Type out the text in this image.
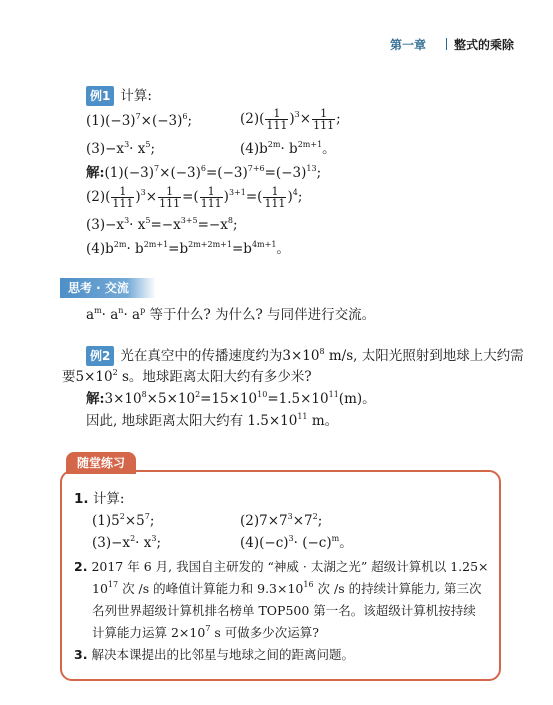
第一章 整式的乘除
例1 计算:
$(1)(-3)^7\times(-3)^6$;	$(2)( \frac{1}{111} )^3\times \frac{1}{111}$ ;
$(3)-x^3\cdot x^5$;	$(4)b^{2m}\cdot b^{2m+1}$。
解$:(1)(-3)^7\times(-3)^6=(-3)^{7+6}=(-3)^{13}$;
$(2)( \frac{1}{111} )^3\times \frac{1}{111}$ =( $\frac{1}{111} )^{3+1}=( \frac{1}{111} )^4$;
$(3)-x^3\cdot x^5=-x^{3+5}=-x^8$;
$(4)b^{2m}\cdot b^{2m+1}=b^{2m+2m+1}=b^{4m+1}$。
思考 · 交流
$a^m\cdot a^n\cdot a^p$ 等于什么? 为什么? 与同伴进行交流。
例2 光在真空中的传播速度约为$3\times 10^8$ m/s, 太阳光照射到地球上大约需
要$5\times 10^2$ s。地球距离太阳大约有多少米?
解$:3\times 10^8\times 5\times 10^2=15\times 10^{10}=1.5\times 10^{11}(m)$。
因此, 地球距离太阳大约有 $1.5\times 10^{11}$ m。
随堂练习
1. 计算:
$(1)5^2\times 5^7$;	$(2)7\times 7^3\times 7^2$;
$(3)-x^2\cdot x^3$;	$(4)(-c)^3\cdot (-c)^m$。
2. 2017 年 6 月, 我国自主研发的 “神威 · 太湖之光” 超级计算机以 1.25×
$10^{17}$ 次 /s 的峰值计算能力和 $9.3\times 10^{16}$ 次 /s 的持续计算能力, 第三次
名列世界超级计算机排名榜单 TOP500 第一名。该超级计算机按持续
计算能力运算 $2\times 10^7$ s 可做多少次运算?
3. 解决本课提出的比邻星与地球之间的距离问题。
